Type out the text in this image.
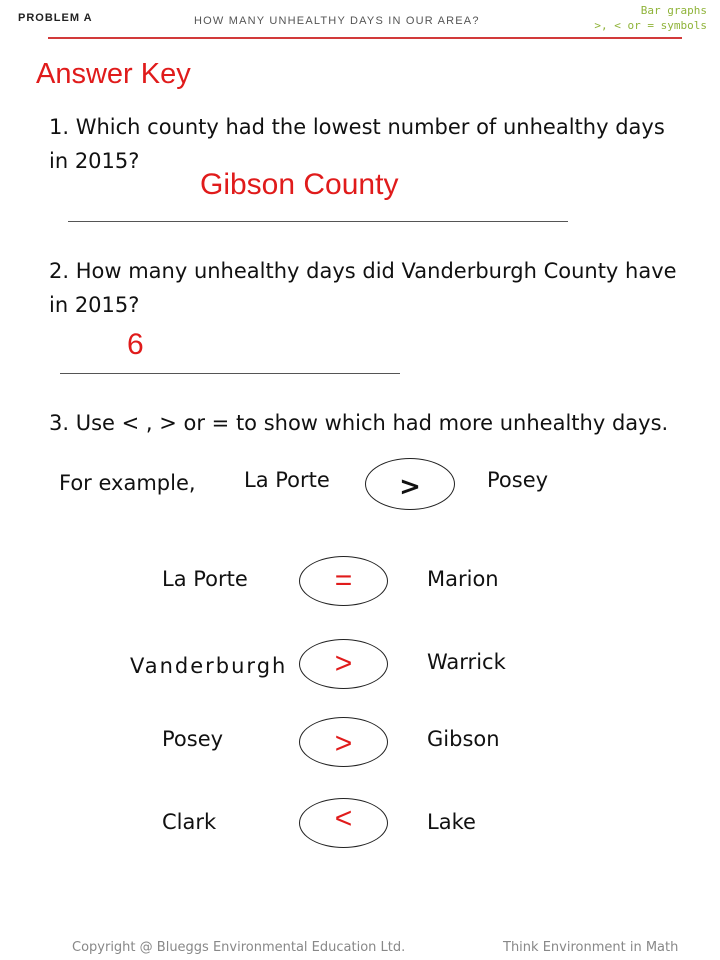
PROBLEM A	HOW MANY UNHEALTHY DAYS IN OUR AREA?
Bar graphs
>, < or = symbols
Answer Key
1. Which county had the lowest number of unhealthy days in 2015?
Gibson County
2. How many unhealthy days did Vanderburgh County have in 2015?
6
3. Use < , > or = to show which had more unhealthy days.
For example, La Porte	>	Posey
La Porte	=	Marion
Vanderburgh >	Warrick
Posey	>	Gibson
Clark	<	Lake
Copyright @ Blueggs Environmental Education Ltd.	Think Environment in Math
